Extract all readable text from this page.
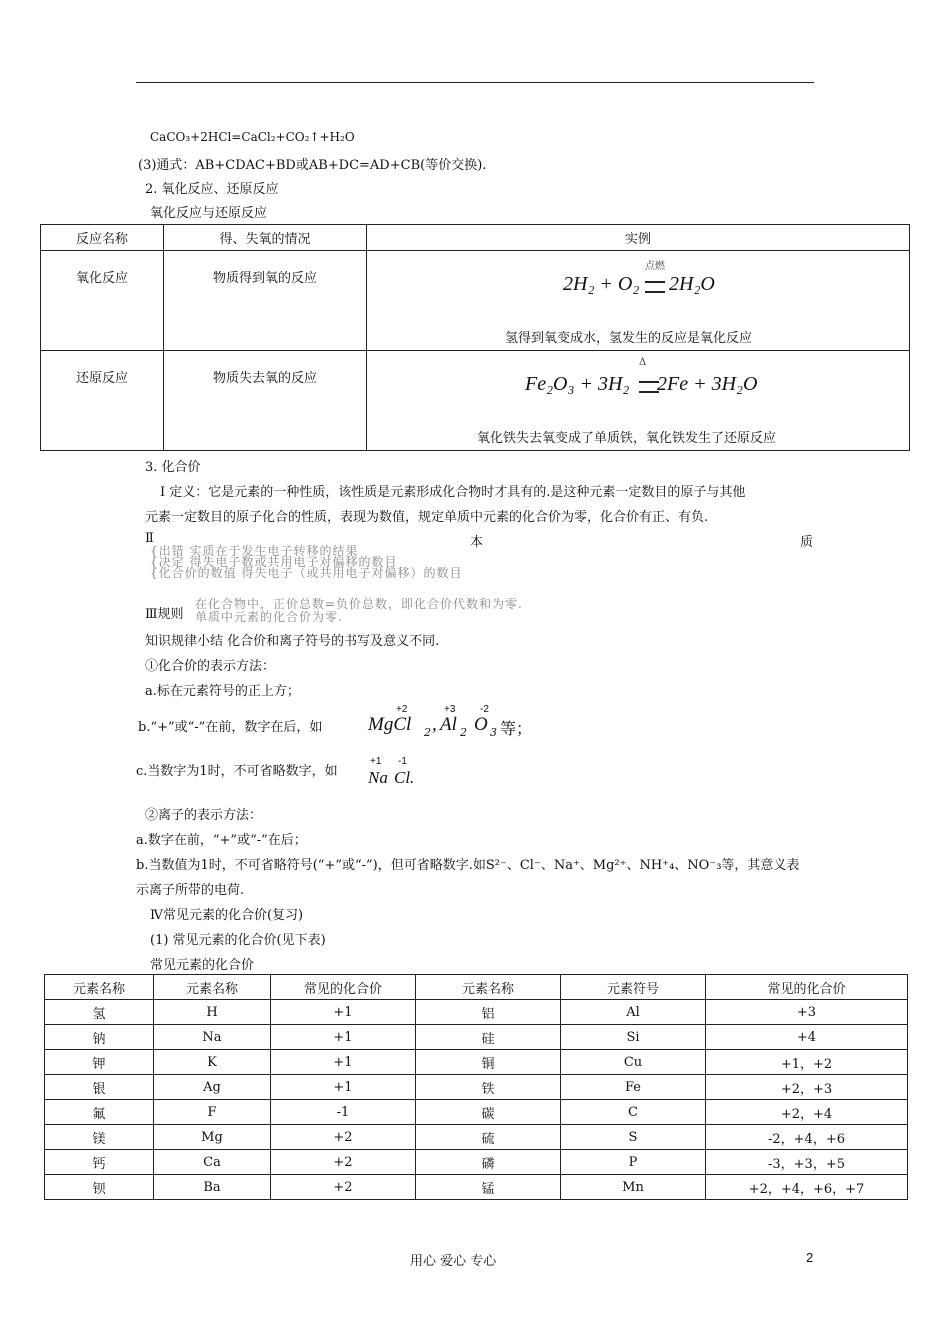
CaCO₃+2HCl=CaCl₂+CO₂↑+H₂O
(3)通式：AB+CDAC+BD或AB+DC=AD+CB(等价交换).
2. 氧化反应、还原反应
氧化反应与还原反应
反应名称	得、失氧的情况	实例
氧化反应	物质得到氧的反应	点燃
2H₂ + O₂ 2H₂O
氢得到氧变成水，氢发生的反应是氧化反应

还原反应	物质失去氧的反应	Δ
Fe₂O₃ + 3H₂ 2Fe + 3H₂O
氧化铁失去氧变成了单质铁，氧化铁发生了还原反应
3. 化合价
Ⅰ 定义：它是元素的一种性质，该性质是元素形成化合物时才具有的.是这种元素一定数目的原子与其他
元素一定数目的原子化合的性质，表现为数值，规定单质中元素的化合价为零，化合价有正、有负.
Ⅱ	本	质
{出错 实质在于发生电子转移的结果
{决定 得失电子数或共用电子对偏移的数目
{化合价的数值 得失电子（或共用电子对偏移）的数目
Ⅲ规则
在化合物中，正价总数=负价总数，即化合价代数和为零.
单质中元素的化合价为零.
知识规律小结 化合价和离子符号的书写及意义不同.
①化合价的表示方法：
a.标在元素符号的正上方；
b.“+”或“-”在前，数字在后，如
+2
MgCl 2 ,
+3
Al 2
-2
O 3 等；
c.当数字为1时，不可省略数字，如
+1
Na
-1
Cl.
②离子的表示方法：
a.数字在前，“+”或“-”在后；
b.当数值为1时，不可省略符号(“+”或“-”)，但可省略数字.如S²⁻、Cl⁻、Na⁺、Mg²⁺、NH⁺₄、NO⁻₃等，其意义表
示离子所带的电荷.
Ⅳ常见元素的化合价(复习)
(1) 常见元素的化合价(见下表)
常见元素的化合价
元素名称	元素名称	常见的化合价	元素名称	元素符号	常见的化合价
氢	H	+1	铝	Al	+3
钠	Na	+1	硅	Si	+4
钾	K	+1	铜	Cu	+1，+2
银	Ag	+1	铁	Fe	+2，+3
氟	F	-1	碳	C	+2，+4
镁	Mg	+2	硫	S	-2，+4，+6
钙	Ca	+2	磷	P	-3，+3，+5
钡	Ba	+2	锰	Mn	+2，+4，+6，+7
用心 爱心 专心	2
